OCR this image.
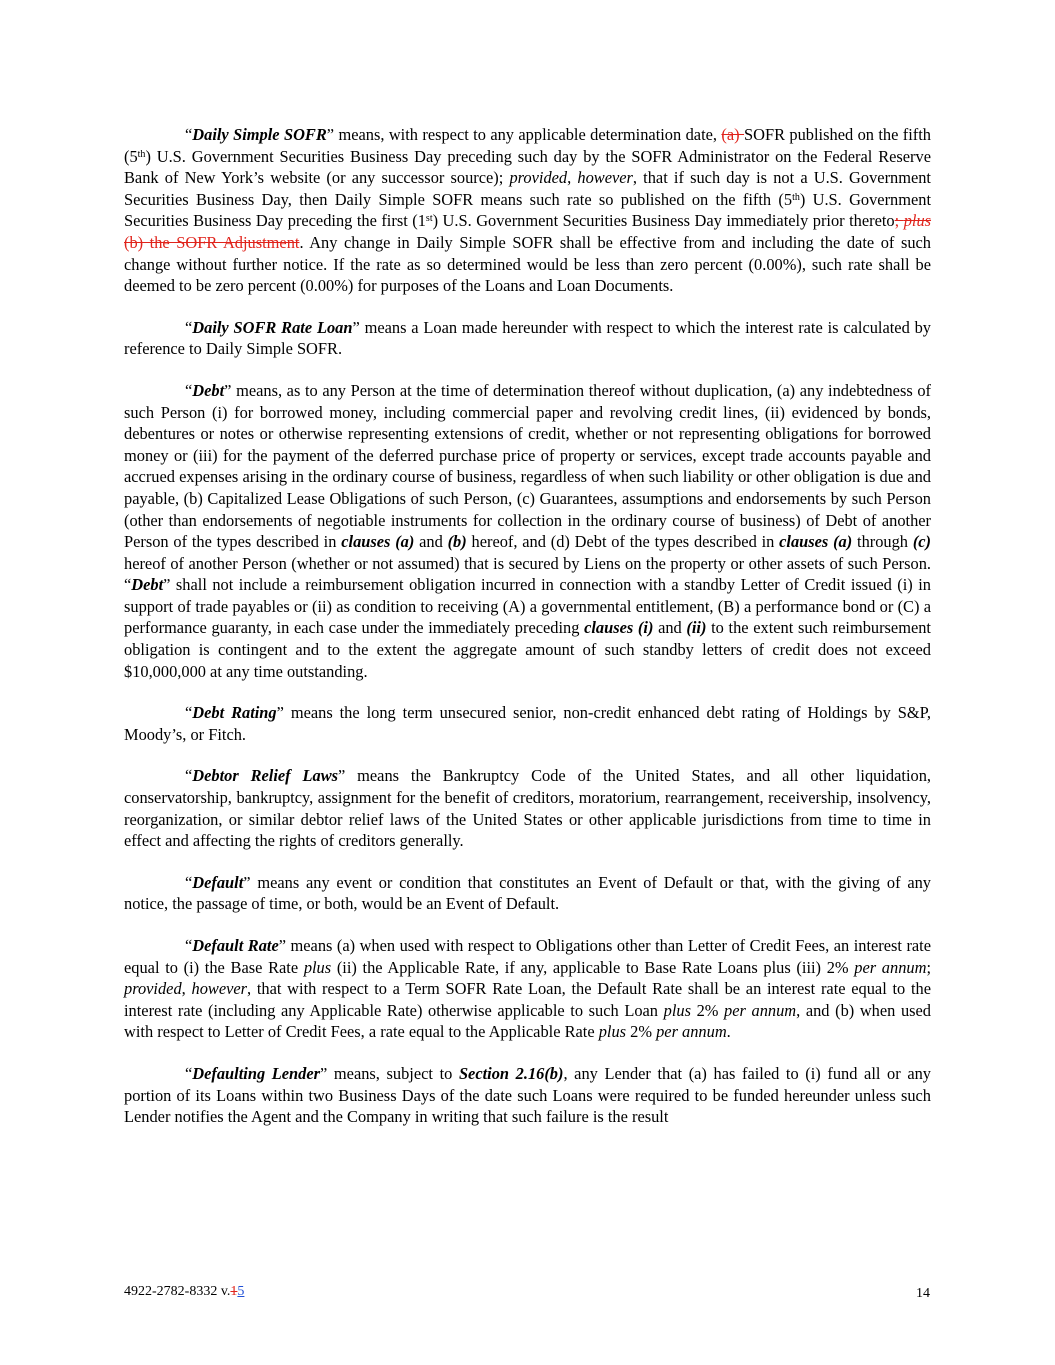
“Daily Simple SOFR” means, with respect to any applicable determination date, (a) SOFR published on the fifth (5th) U.S. Government Securities Business Day preceding such day by the SOFR Administrator on the Federal Reserve Bank of New York’s website (or any successor source); provided, however, that if such day is not a U.S. Government Securities Business Day, then Daily Simple SOFR means such rate so published on the fifth (5th) U.S. Government Securities Business Day preceding the first (1st) U.S. Government Securities Business Day immediately prior thereto; plus (b) the SOFR Adjustment. Any change in Daily Simple SOFR shall be effective from and including the date of such change without further notice. If the rate as so determined would be less than zero percent (0.00%), such rate shall be deemed to be zero percent (0.00%) for purposes of the Loans and Loan Documents.

“Daily SOFR Rate Loan” means a Loan made hereunder with respect to which the interest rate is calculated by reference to Daily Simple SOFR.

“Debt” means, as to any Person at the time of determination thereof without duplication, (a) any indebtedness of such Person (i) for borrowed money, including commercial paper and revolving credit lines, (ii) evidenced by bonds, debentures or notes or otherwise representing extensions of credit, whether or not representing obligations for borrowed money or (iii) for the payment of the deferred purchase price of property or services, except trade accounts payable and accrued expenses arising in the ordinary course of business, regardless of when such liability or other obligation is due and payable, (b) Capitalized Lease Obligations of such Person, (c) Guarantees, assumptions and endorsements by such Person (other than endorsements of negotiable instruments for collection in the ordinary course of business) of Debt of another Person of the types described in clauses (a) and (b) hereof, and (d) Debt of the types described in clauses (a) through (c) hereof of another Person (whether or not assumed) that is secured by Liens on the property or other assets of such Person. “Debt” shall not include a reimbursement obligation incurred in connection with a standby Letter of Credit issued (i) in support of trade payables or (ii) as condition to receiving (A) a governmental entitlement, (B) a performance bond or (C) a performance guaranty, in each case under the immediately preceding clauses (i) and (ii) to the extent such reimbursement obligation is contingent and to the extent the aggregate amount of such standby letters of credit does not exceed $10,000,000 at any time outstanding.

“Debt Rating” means the long term unsecured senior, non-credit enhanced debt rating of Holdings by S&P, Moody’s, or Fitch.

“Debtor Relief Laws” means the Bankruptcy Code of the United States, and all other liquidation, conservatorship, bankruptcy, assignment for the benefit of creditors, moratorium, rearrangement, receivership, insolvency, reorganization, or similar debtor relief laws of the United States or other applicable jurisdictions from time to time in effect and affecting the rights of creditors generally.

“Default” means any event or condition that constitutes an Event of Default or that, with the giving of any notice, the passage of time, or both, would be an Event of Default.

“Default Rate” means (a) when used with respect to Obligations other than Letter of Credit Fees, an interest rate equal to (i) the Base Rate plus (ii) the Applicable Rate, if any, applicable to Base Rate Loans plus (iii) 2% per annum; provided, however, that with respect to a Term SOFR Rate Loan, the Default Rate shall be an interest rate equal to the interest rate (including any Applicable Rate) otherwise applicable to such Loan plus 2% per annum, and (b) when used with respect to Letter of Credit Fees, a rate equal to the Applicable Rate plus 2% per annum.

“Defaulting Lender” means, subject to Section 2.16(b), any Lender that (a) has failed to (i) fund all or any portion of its Loans within two Business Days of the date such Loans were required to be funded hereunder unless such Lender notifies the Agent and the Company in writing that such failure is the result

4922-2782-8332 v.15	14
